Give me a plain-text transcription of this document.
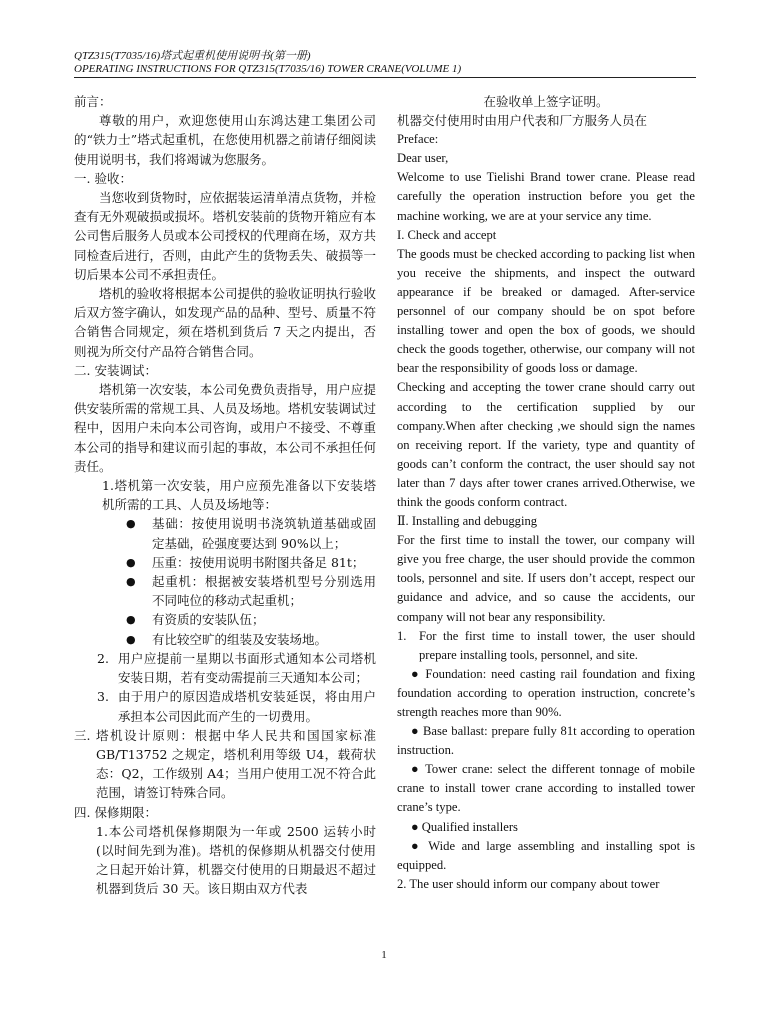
QTZ315(T7035/16)塔式起重机使用说明书(第一册)
OPERATING INSTRUCTIONS FOR QTZ315(T7035/16) TOWER CRANE(VOLUME 1)

前言：

尊敬的用户，欢迎您使用山东鸿达建工集团公司的“铁力士”塔式起重机，在您使用机器之前请仔细阅读使用说明书，我们将竭诚为您服务。

一. 验收：

当您收到货物时，应依据装运清单清点货物，并检查有无外观破损或损坏。塔机安装前的货物开箱应有本公司售后服务人员或本公司授权的代理商在场，双方共同检查后进行，否则，由此产生的货物丢失、破损等一切后果本公司不承担责任。

塔机的验收将根据本公司提供的验收证明执行验收后双方签字确认，如发现产品的品种、型号、质量不符合销售合同规定，须在塔机到货后 7 天之内提出，否则视为所交付产品符合销售合同。

二. 安装调试：

塔机第一次安装，本公司免费负责指导，用户应提供安装所需的常规工具、人员及场地。塔机安装调试过程中，因用户未向本公司咨询，或用户不接受、不尊重本公司的指导和建议而引起的事故，本公司不承担任何责任。

1.塔机第一次安装，用户应预先准备以下安装塔机所需的工具、人员及场地等：

●	基础：按使用说明书浇筑轨道基础或固定基础，砼强度要达到 90%以上；
●	压重：按使用说明书附图共备足 81t；
●	起重机：根据被安装塔机型号分别选用不同吨位的移动式起重机；
●	有资质的安装队伍；
●	有比较空旷的组装及安装场地。
2. 用户应提前一星期以书面形式通知本公司塔机安装日期，若有变动需提前三天通知本公司；
3. 由于用户的原因造成塔机安装延误，将由用户承担本公司因此而产生的一切费用。
三. 塔机设计原则：根据中华人民共和国国家标准 GB/T13752 之规定，塔机利用等级 U4，载荷状态：Q2，工作级别 A4；当用户使用工况不符合此范围，请签订特殊合同。

四. 保修期限：

1.本公司塔机保修期限为一年或 2500 运转小时(以时间先到为准)。塔机的保修期从机器交付使用之日起开始计算，机器交付使用的日期最迟不超过机器到货后 30 天。该日期由双方代表

在验收单上签字证明。

机器交付使用时由用户代表和厂方服务人员在

Preface:

Dear user,

Welcome to use Tielishi Brand tower crane. Please read carefully the operation instruction before you get the machine working, we are at your service any time.

I. Check and accept

The goods must be checked according to packing list when you receive the shipments, and inspect the outward appearance if be breaked or damaged. After-service personnel of our company should be on spot before installing tower and open the box of goods, we should check the goods together, otherwise, our company will not bear the responsibility of goods loss or damage.

Checking and accepting the tower crane should carry out according to the certification supplied by our company.When after checking ,we should sign the names on receiving report. If the variety, type and quantity of goods can’t conform the contract, the user should say not later than 7 days after tower cranes arrived.Otherwise, we think the goods conform contract.

Ⅱ. Installing and debugging

For the first time to install the tower, our company will give you free charge, the user should provide the common tools, personnel and site. If users don’t accept, respect our guidance and advice, and so cause the accidents, our company will not bear any responsibility.

1. For the first time to install tower, the user should prepare installing tools, personnel, and site.

● Foundation: need casting rail foundation and fixing foundation according to operation instruction, concrete’s strength reaches more than 90%.

● Base ballast: prepare fully 81t according to operation instruction.

● Tower crane: select the different tonnage of mobile crane to install tower crane according to installed tower crane’s type.

● Qualified installers

● Wide and large assembling and installing spot is equipped.

2. The user should inform our company about tower

1
